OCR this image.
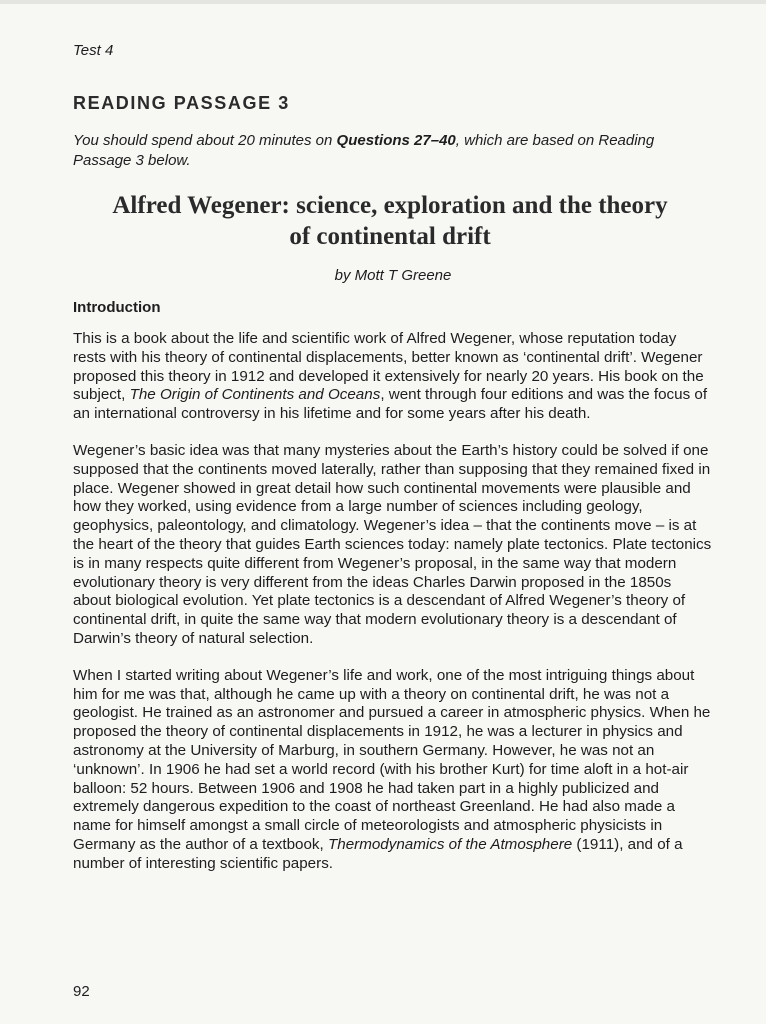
Test 4
READING PASSAGE 3
You should spend about 20 minutes on Questions 27–40, which are based on Reading Passage 3 below.
Alfred Wegener: science, exploration and the theory
of continental drift
by Mott T Greene
Introduction

This is a book about the life and scientific work of Alfred Wegener, whose reputation today rests with his theory of continental displacements, better known as ‘continental drift’. Wegener proposed this theory in 1912 and developed it extensively for nearly 20 years. His book on the subject, The Origin of Continents and Oceans, went through four editions and was the focus of an international controversy in his lifetime and for some years after his death.

Wegener’s basic idea was that many mysteries about the Earth’s history could be solved if one supposed that the continents moved laterally, rather than supposing that they remained fixed in place. Wegener showed in great detail how such continental movements were plausible and how they worked, using evidence from a large number of sciences including geology, geophysics, paleontology, and climatology. Wegener’s idea – that the continents move – is at the heart of the theory that guides Earth sciences today: namely plate tectonics. Plate tectonics is in many respects quite different from Wegener’s proposal, in the same way that modern evolutionary theory is very different from the ideas Charles Darwin proposed in the 1850s about biological evolution. Yet plate tectonics is a descendant of Alfred Wegener’s theory of continental drift, in quite the same way that modern evolutionary theory is a descendant of Darwin’s theory of natural selection.

When I started writing about Wegener’s life and work, one of the most intriguing things about him for me was that, although he came up with a theory on continental drift, he was not a geologist. He trained as an astronomer and pursued a career in atmospheric physics. When he proposed the theory of continental displacements in 1912, he was a lecturer in physics and astronomy at the University of Marburg, in southern Germany. However, he was not an ‘unknown’. In 1906 he had set a world record (with his brother Kurt) for time aloft in a hot-air balloon: 52 hours. Between 1906 and 1908 he had taken part in a highly publicized and extremely dangerous expedition to the coast of northeast Greenland. He had also made a name for himself amongst a small circle of meteorologists and atmospheric physicists in Germany as the author of a textbook, Thermodynamics of the Atmosphere (1911), and of a number of interesting scientific papers.

92
